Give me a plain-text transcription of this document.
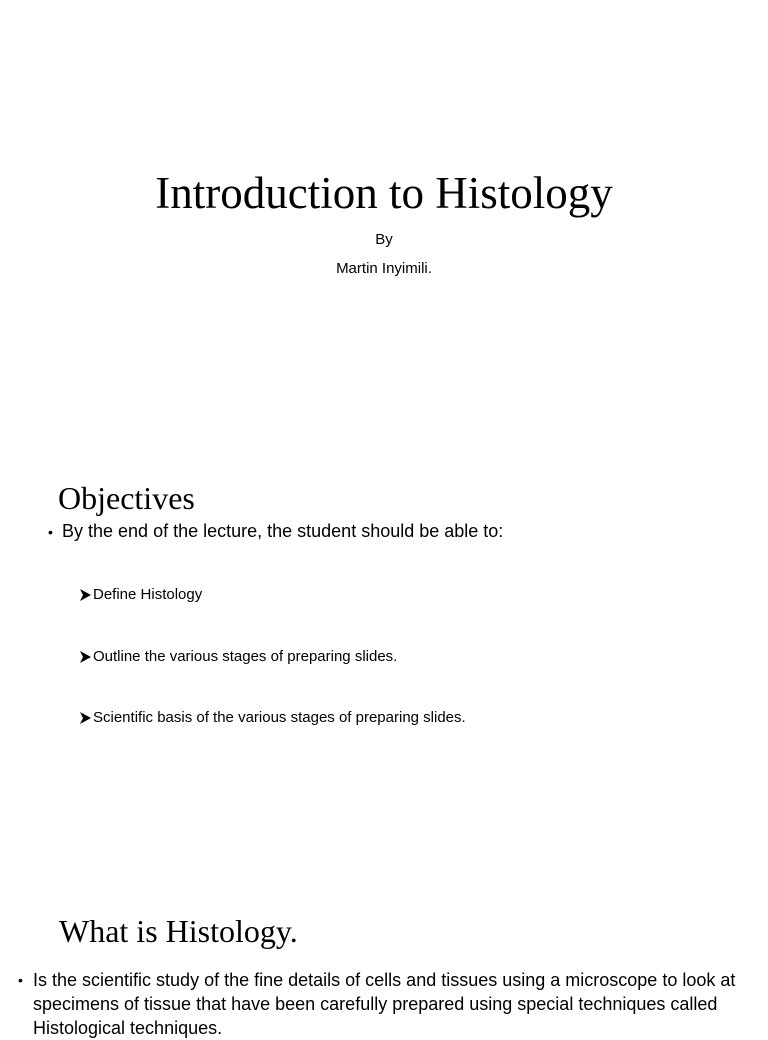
Introduction to Histology

By

Martin Inyimili.

Objectives
• By the end of the lecture, the student should be able to:
Define Histology
Outline the various stages of preparing slides.
Scientific basis of the various stages of preparing slides.
What is Histology.
• Is the scientific study of the fine details of cells and tissues using a microscope to look at specimens of tissue that have been carefully prepared using special techniques called Histological techniques.
